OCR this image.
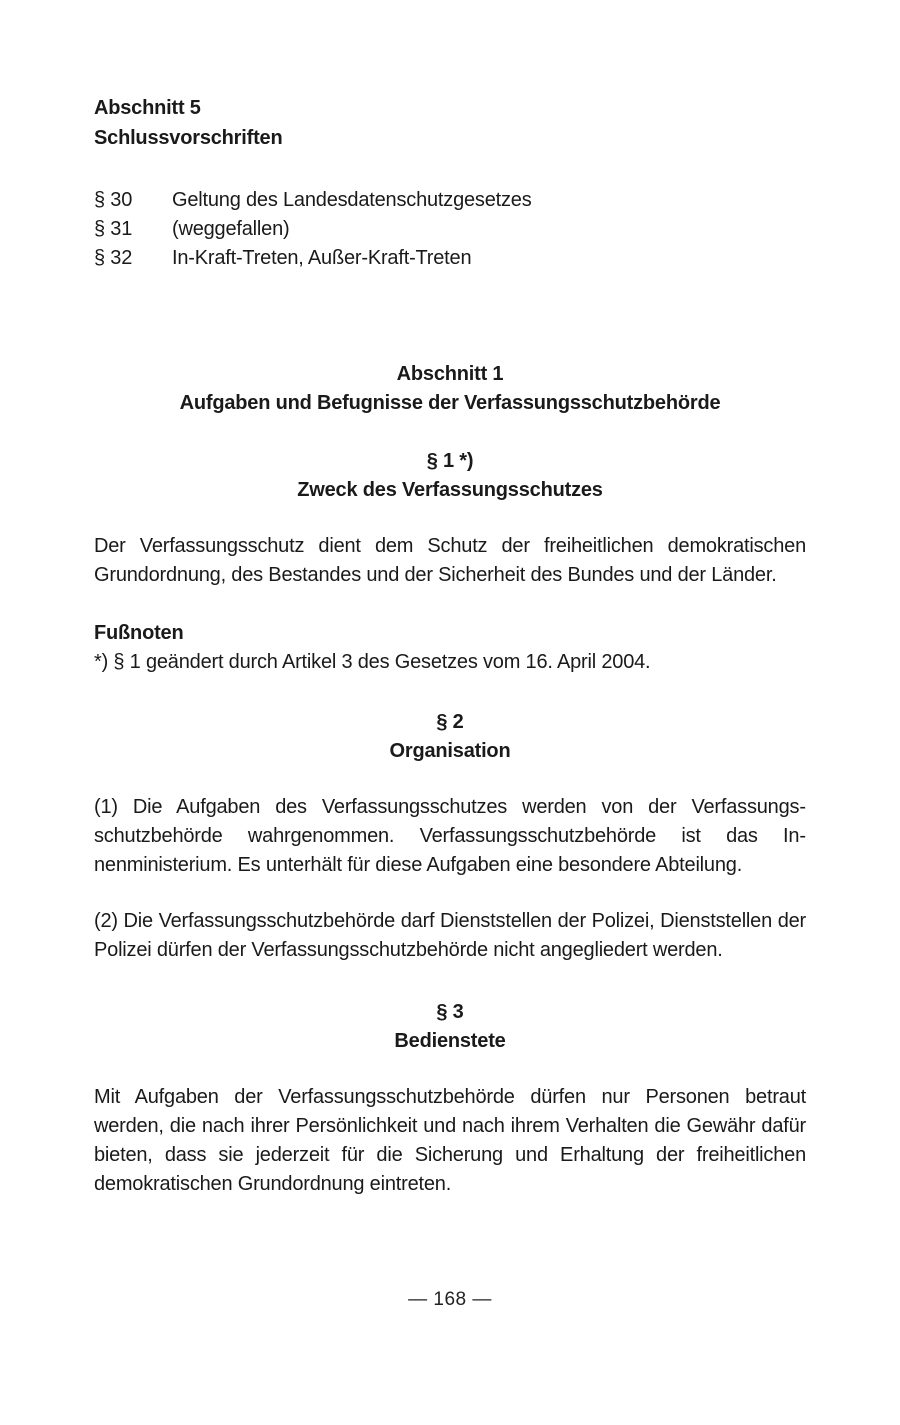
Abschnitt 5

Schlussvorschriften

§ 30	Geltung des Landesdatenschutzgesetzes
§ 31	(weggefallen)
§ 32	In-Kraft-Treten, Außer-Kraft-Treten

Abschnitt 1

Aufgaben und Befugnisse der Verfassungsschutzbehörde

§ 1 *)

Zweck des Verfassungsschutzes

Der Verfassungsschutz dient dem Schutz der freiheitlichen demokratischen Grundordnung, des Bestandes und der Sicherheit des Bundes und der Länder.

Fußnoten

*) § 1 geändert durch Artikel 3 des Gesetzes vom 16. April 2004.

§ 2

Organisation

(1) Die Aufgaben des Verfassungsschutzes werden von der Verfassungsschutzbehörde wahrgenommen. Verfassungsschutzbehörde ist das Innenministerium. Es unterhält für diese Aufgaben eine besondere Abteilung.

(2) Die Verfassungsschutzbehörde darf Dienststellen der Polizei, Dienststellen der Polizei dürfen der Verfassungsschutzbehörde nicht angegliedert werden.

§ 3

Bedienstete

Mit Aufgaben der Verfassungsschutzbehörde dürfen nur Personen betraut werden, die nach ihrer Persönlichkeit und nach ihrem Verhalten die Gewähr dafür bieten, dass sie jederzeit für die Sicherung und Erhaltung der freiheitlichen demokratischen Grundordnung eintreten.

— 168 —
